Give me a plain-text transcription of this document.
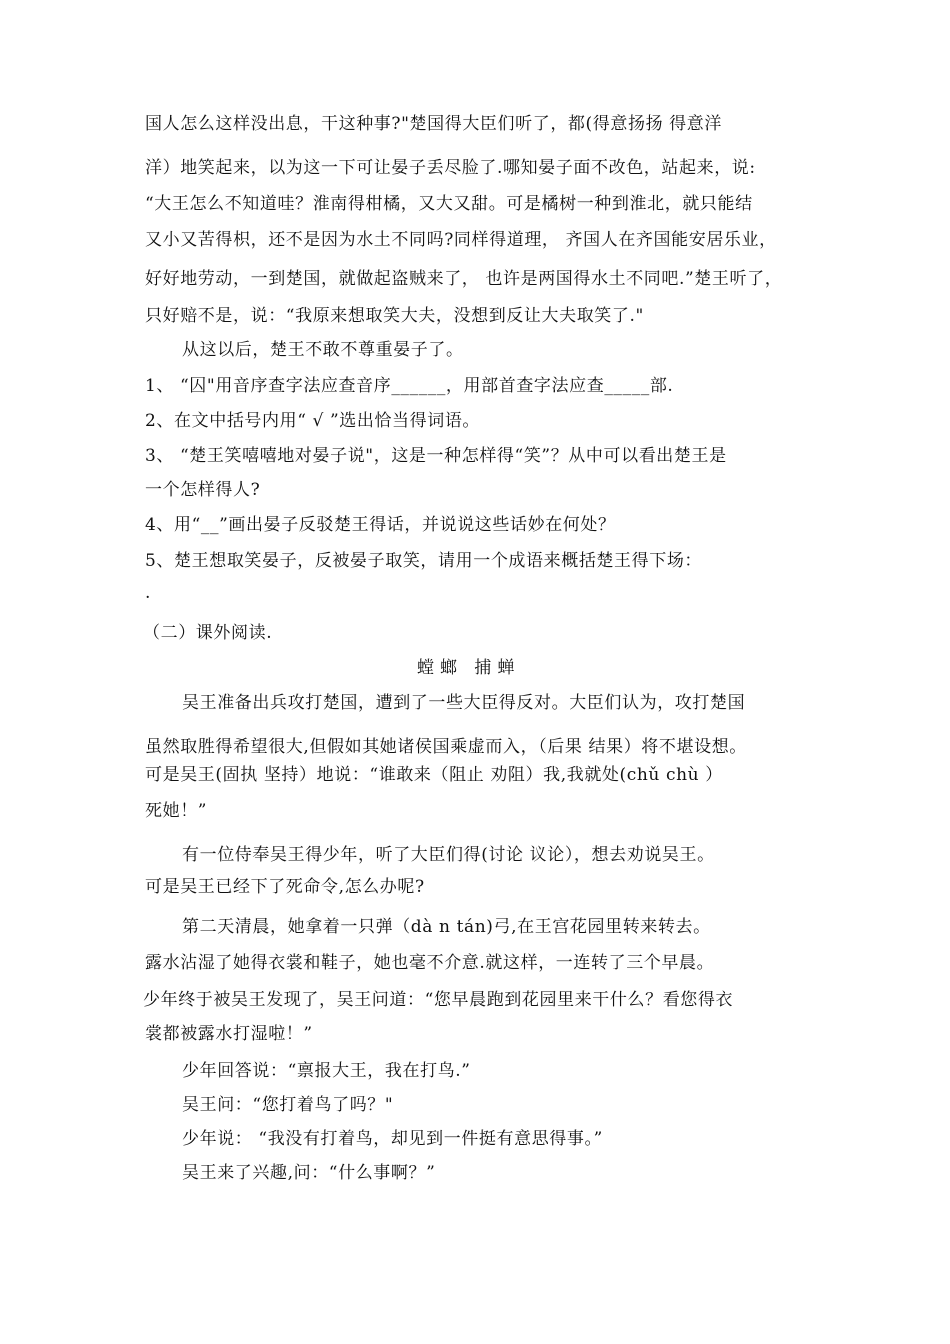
国人怎么这样没出息，干这种事?"楚国得大臣们听了，都(得意扬扬 得意洋
洋）地笑起来，以为这一下可让晏子丢尽脸了.哪知晏子面不改色，站起来，说:
“大王怎么不知道哇？淮南得柑橘，又大又甜。可是橘树一种到淮北，就只能结
又小又苦得枳，还不是因为水土不同吗?同样得道理， 齐国人在齐国能安居乐业，
好好地劳动，一到楚国，就做起盗贼来了， 也许是两国得水土不同吧.”楚王听了，
只好赔不是，说：“我原来想取笑大夫，没想到反让大夫取笑了."
从这以后，楚王不敢不尊重晏子了。
1、 “囚"用音序查字法应查音序______，用部首查字法应查_____部.
2、在文中括号内用“ √ ”选出恰当得词语。
3、 “楚王笑嘻嘻地对晏子说"，这是一种怎样得“笑”？从中可以看出楚王是
一个怎样得人?
4、用“__”画出晏子反驳楚王得话，并说说这些话妙在何处？
5、楚王想取笑晏子，反被晏子取笑，请用一个成语来概括楚王得下场：
.
（二）课外阅读.
螳螂 捕蝉
吴王准备出兵攻打楚国，遭到了一些大臣得反对。大臣们认为，攻打楚国
虽然取胜得希望很大,但假如其她诸侯国乘虚而入，（后果 结果）将不堪设想。
可是吴王(固执 坚持）地说：“谁敢来（阻止 劝阻）我,我就处(chǔ chù ）
死她！”
有一位侍奉吴王得少年，听了大臣们得(讨论 议论），想去劝说吴王。
可是吴王已经下了死命令,怎么办呢?
第二天清晨，她拿着一只弹（dà n tán)弓,在王宫花园里转来转去。
露水沾湿了她得衣裳和鞋子，她也毫不介意.就这样，一连转了三个早晨。
少年终于被吴王发现了，吴王问道：“您早晨跑到花园里来干什么？看您得衣
裳都被露水打湿啦！”
少年回答说：“禀报大王，我在打鸟.”
吴王问：“您打着鸟了吗？"
少年说： “我没有打着鸟，却见到一件挺有意思得事。”
吴王来了兴趣,问：“什么事啊？”
